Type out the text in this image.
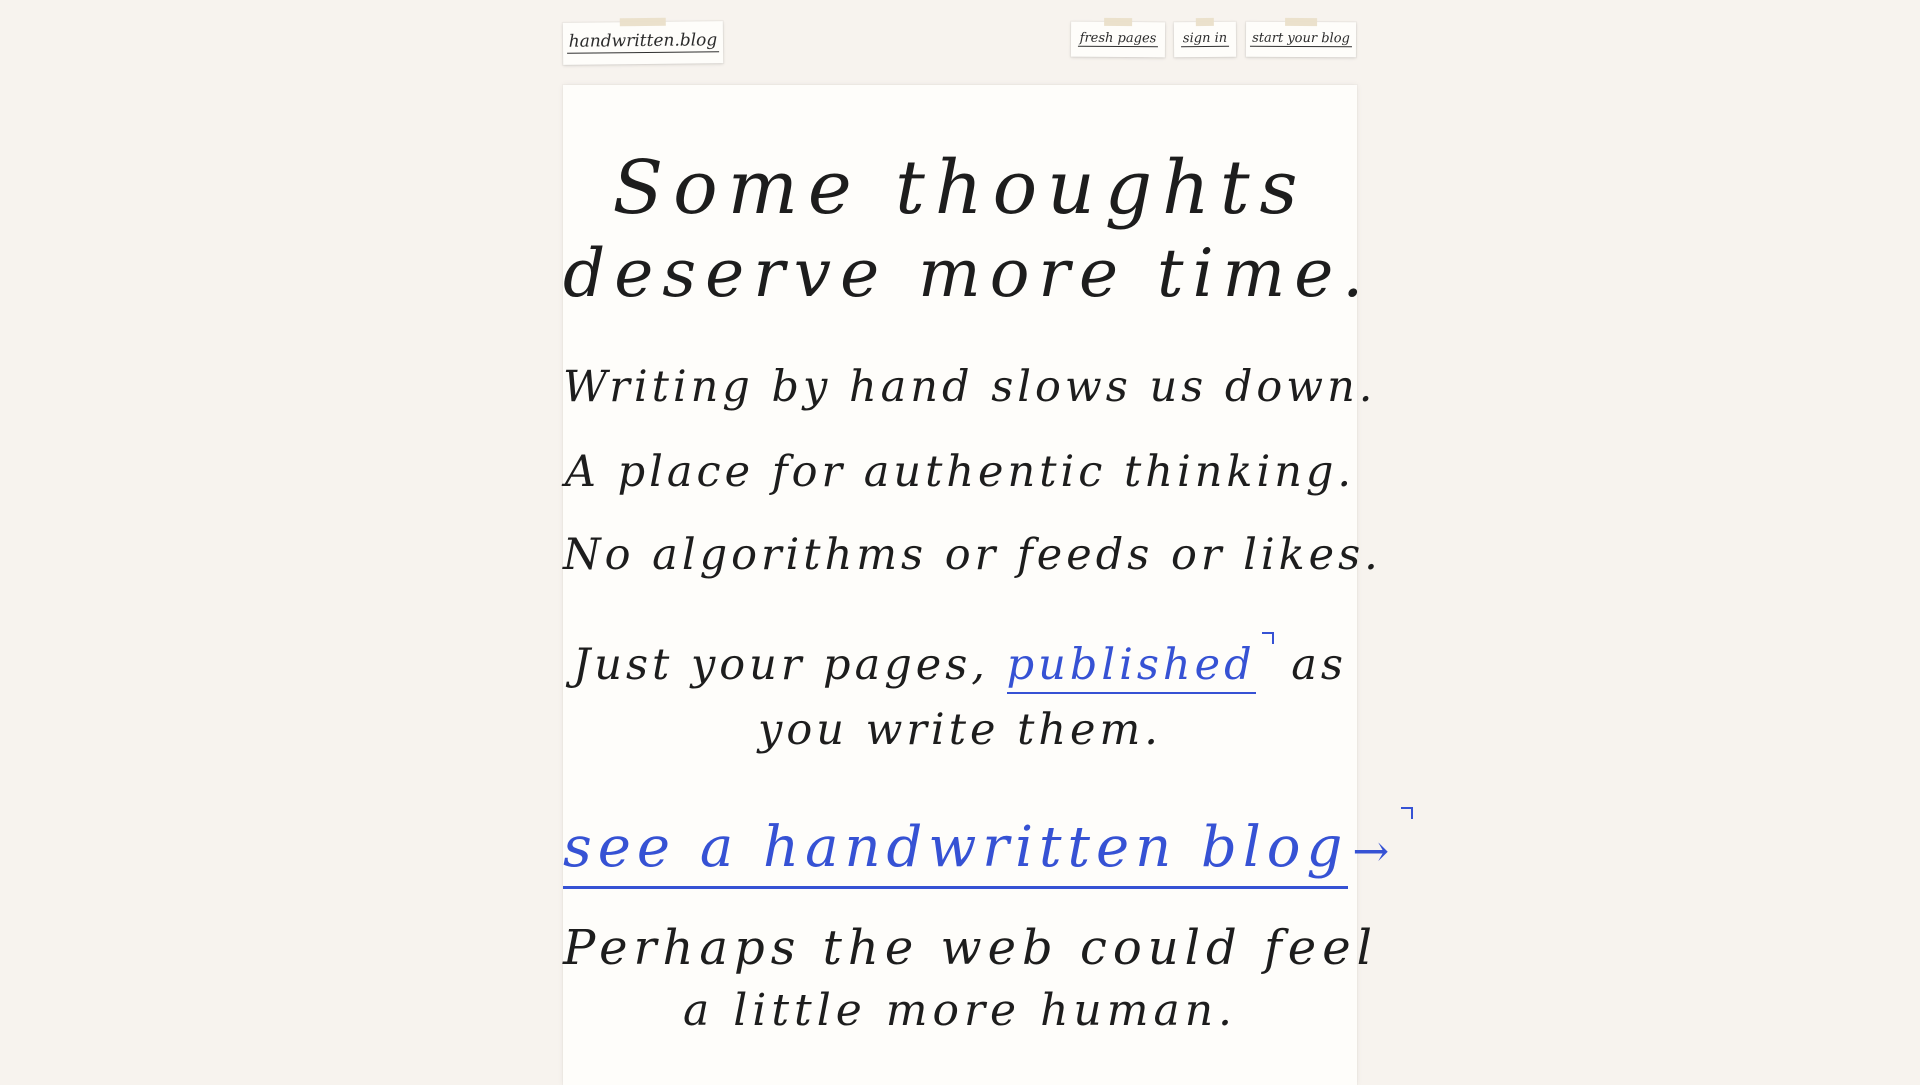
handwritten.blog	fresh pages sign in start your blog
Some thoughts
deserve more time.
Writing by hand slows us down.
A place for authentic thinking.
No algorithms or feeds or likes.
Just your pages, published as
you write them.
see a handwritten blog→
Perhaps the web could feel
a little more human.
